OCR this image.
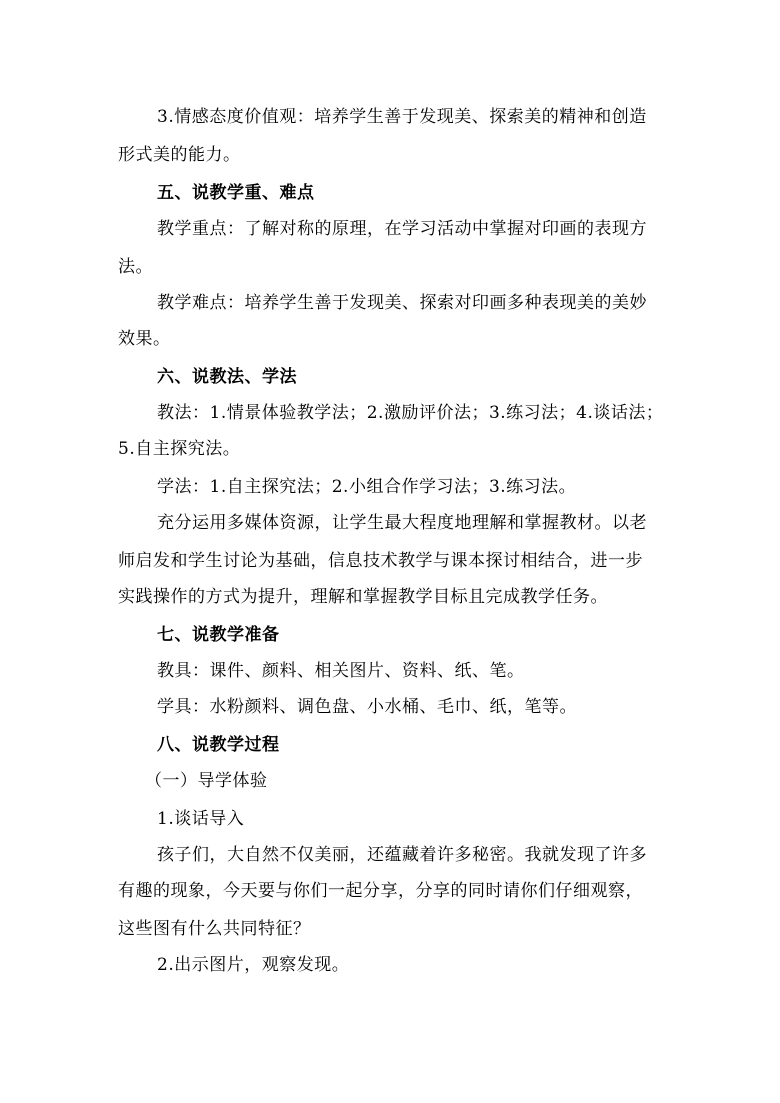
3.情感态度价值观：培养学生善于发现美、探索美的精神和创造
形式美的能力。
五、说教学重、难点
教学重点：了解对称的原理，在学习活动中掌握对印画的表现方
法。
教学难点：培养学生善于发现美、探索对印画多种表现美的美妙
效果。
六、说教法、学法
教法：1.情景体验教学法；2.激励评价法；3.练习法；4.谈话法；
5.自主探究法。
学法：1.自主探究法；2.小组合作学习法；3.练习法。
充分运用多媒体资源，让学生最大程度地理解和掌握教材。以老
师启发和学生讨论为基础，信息技术教学与课本探讨相结合，进一步
实践操作的方式为提升，理解和掌握教学目标且完成教学任务。
七、说教学准备
教具：课件、颜料、相关图片、资料、纸、笔。
学具：水粉颜料、调色盘、小水桶、毛巾、纸，笔等。
八、说教学过程
（一）导学体验
1.谈话导入
孩子们，大自然不仅美丽，还蕴藏着许多秘密。我就发现了许多
有趣的现象，今天要与你们一起分享，分享的同时请你们仔细观察，
这些图有什么共同特征？
2.出示图片，观察发现。
